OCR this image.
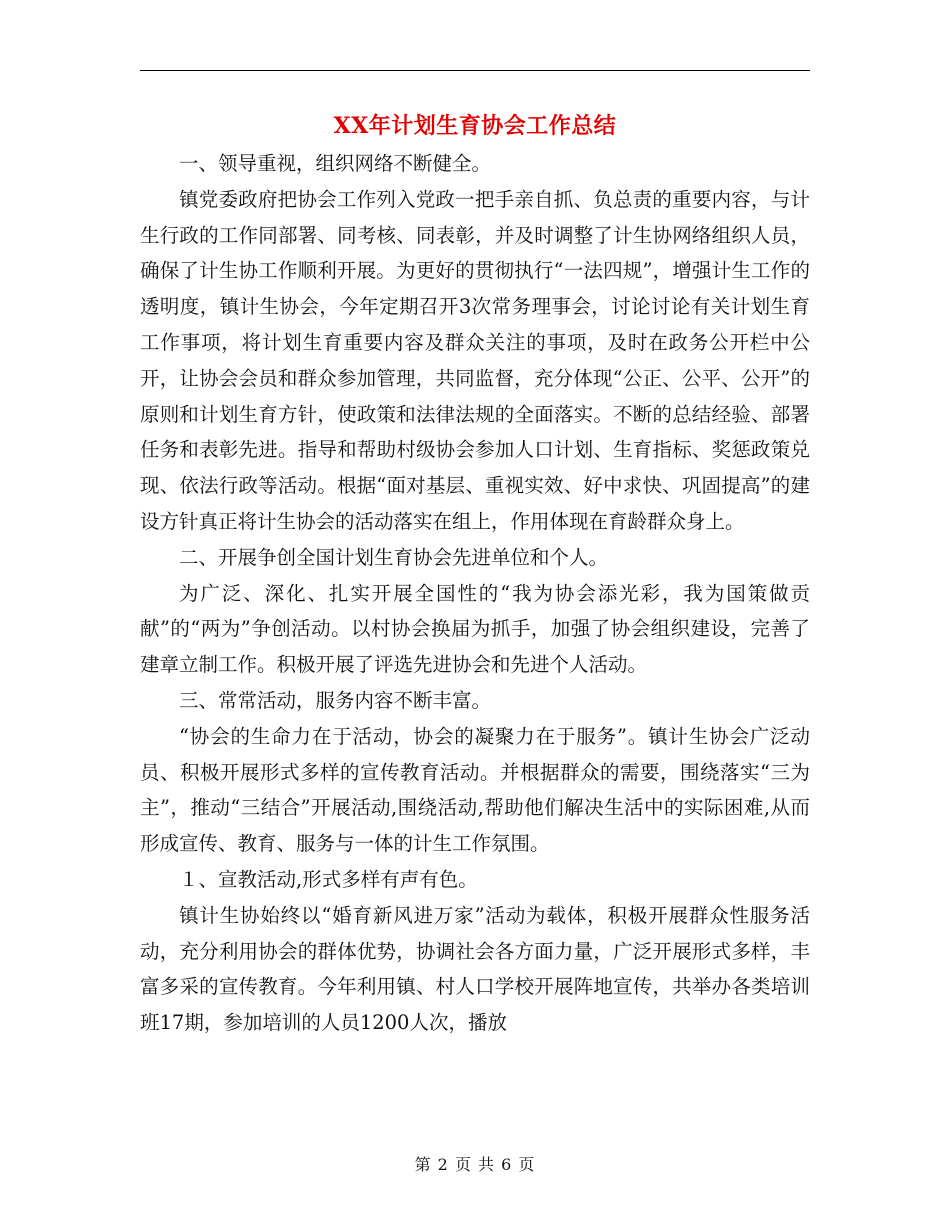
XX年计划生育协会工作总结

一、领导重视，组织网络不断健全。

镇党委政府把协会工作列入党政一把手亲自抓、负总责的重要内容，与计生行政的工作同部署、同考核、同表彰，并及时调整了计生协网络组织人员，确保了计生协工作顺利开展。为更好的贯彻执行“一法四规”，增强计生工作的透明度，镇计生协会，今年定期召开3次常务理事会，讨论讨论有关计划生育工作事项，将计划生育重要内容及群众关注的事项，及时在政务公开栏中公开，让协会会员和群众参加管理，共同监督，充分体现“公正、公平、公开”的原则和计划生育方针，使政策和法律法规的全面落实。不断的总结经验、部署任务和表彰先进。指导和帮助村级协会参加人口计划、生育指标、奖惩政策兑现、依法行政等活动。根据“面对基层、重视实效、好中求快、巩固提高”的建设方针真正将计生协会的活动落实在组上，作用体现在育龄群众身上。

二、开展争创全国计划生育协会先进单位和个人。

为广泛、深化、扎实开展全国性的“我为协会添光彩，我为国策做贡献”的“两为”争创活动。以村协会换届为抓手，加强了协会组织建设，完善了建章立制工作。积极开展了评选先进协会和先进个人活动。

三、常常活动，服务内容不断丰富。

“协会的生命力在于活动，协会的凝聚力在于服务”。镇计生协会广泛动员、积极开展形式多样的宣传教育活动。并根据群众的需要，围绕落实“三为主”，推动“三结合”开展活动,围绕活动,帮助他们解决生活中的实际困难,从而形成宣传、教育、服务与一体的计生工作氛围。

１、宣教活动,形式多样有声有色。

镇计生协始终以“婚育新风进万家”活动为载体，积极开展群众性服务活动，充分利用协会的群体优势，协调社会各方面力量，广泛开展形式多样，丰富多采的宣传教育。今年利用镇、村人口学校开展阵地宣传，共举办各类培训班17期，参加培训的人员1200人次，播放

第 2 页 共 6 页
